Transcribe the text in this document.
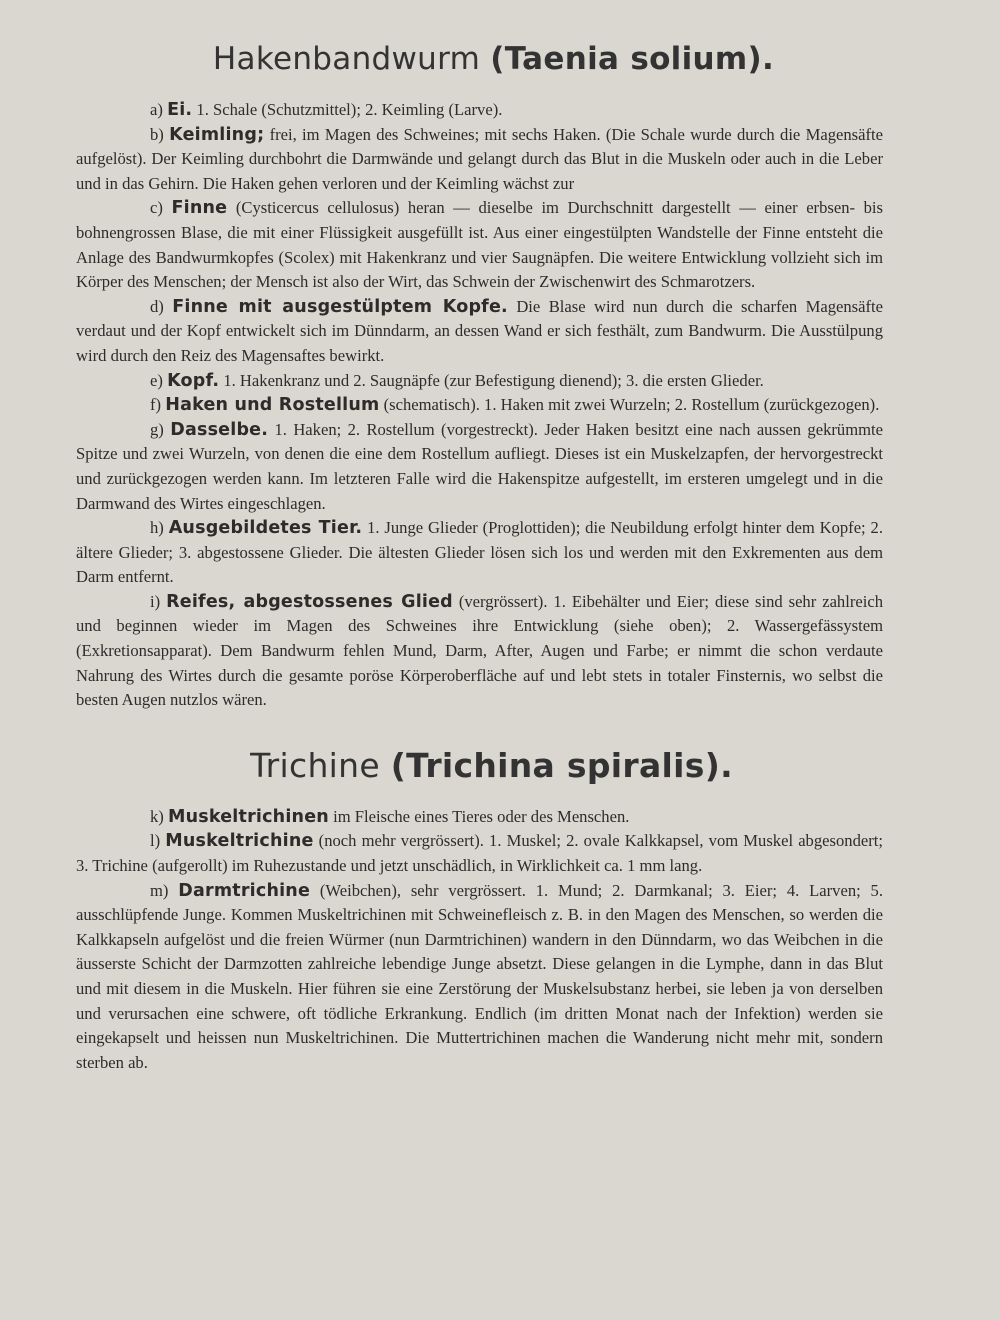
Hakenbandwurm (Taenia solium).

a) Ei. 1. Schale (Schutzmittel); 2. Keimling (Larve).

b) Keimling; frei, im Magen des Schweines; mit sechs Haken. (Die Schale wurde durch die Magensäfte aufgelöst). Der Keimling durchbohrt die Darmwände und gelangt durch das Blut in die Muskeln oder auch in die Leber und in das Gehirn. Die Haken gehen verloren und der Keimling wächst zur

c) Finne (Cysticercus cellulosus) heran — dieselbe im Durchschnitt dargestellt — einer erbsen- bis bohnengrossen Blase, die mit einer Flüssigkeit ausgefüllt ist. Aus einer eingestülpten Wandstelle der Finne entsteht die Anlage des Bandwurmkopfes (Scolex) mit Hakenkranz und vier Saugnäpfen. Die weitere Entwicklung vollzieht sich im Körper des Menschen; der Mensch ist also der Wirt, das Schwein der Zwischenwirt des Schmarotzers.

d) Finne mit ausgestülptem Kopfe. Die Blase wird nun durch die scharfen Magensäfte verdaut und der Kopf entwickelt sich im Dünndarm, an dessen Wand er sich festhält, zum Bandwurm. Die Ausstülpung wird durch den Reiz des Magensaftes bewirkt.

e) Kopf. 1. Hakenkranz und 2. Saugnäpfe (zur Befestigung dienend); 3. die ersten Glieder.

f) Haken und Rostellum (schematisch). 1. Haken mit zwei Wurzeln; 2. Rostellum (zurückgezogen).

g) Dasselbe. 1. Haken; 2. Rostellum (vorgestreckt). Jeder Haken besitzt eine nach aussen gekrümmte Spitze und zwei Wurzeln, von denen die eine dem Rostellum aufliegt. Dieses ist ein Muskelzapfen, der hervorgestreckt und zurückgezogen werden kann. Im letzteren Falle wird die Hakenspitze aufgestellt, im ersteren umgelegt und in die Darmwand des Wirtes eingeschlagen.

h) Ausgebildetes Tier. 1. Junge Glieder (Proglottiden); die Neubildung erfolgt hinter dem Kopfe; 2. ältere Glieder; 3. abgestossene Glieder. Die ältesten Glieder lösen sich los und werden mit den Exkrementen aus dem Darm entfernt.

i) Reifes, abgestossenes Glied (vergrössert). 1. Eibehälter und Eier; diese sind sehr zahlreich und beginnen wieder im Magen des Schweines ihre Entwicklung (siehe oben); 2. Wassergefässystem (Exkretionsapparat). Dem Bandwurm fehlen Mund, Darm, After, Augen und Farbe; er nimmt die schon verdaute Nahrung des Wirtes durch die gesamte poröse Körperoberfläche auf und lebt stets in totaler Finsternis, wo selbst die besten Augen nutzlos wären.

Trichine (Trichina spiralis).

k) Muskeltrichinen im Fleische eines Tieres oder des Menschen.

l) Muskeltrichine (noch mehr vergrössert). 1. Muskel; 2. ovale Kalkkapsel, vom Muskel abgesondert; 3. Trichine (aufgerollt) im Ruhezustande und jetzt unschädlich, in Wirklichkeit ca. 1 mm lang.

m) Darmtrichine (Weibchen), sehr vergrössert. 1. Mund; 2. Darmkanal; 3. Eier; 4. Larven; 5. ausschlüpfende Junge. Kommen Muskeltrichinen mit Schweinefleisch z. B. in den Magen des Menschen, so werden die Kalkkapseln aufgelöst und die freien Würmer (nun Darmtrichinen) wandern in den Dünndarm, wo das Weibchen in die äusserste Schicht der Darmzotten zahlreiche lebendige Junge absetzt. Diese gelangen in die Lymphe, dann in das Blut und mit diesem in die Muskeln. Hier führen sie eine Zerstörung der Muskelsubstanz herbei, sie leben ja von derselben und verursachen eine schwere, oft tödliche Erkrankung. Endlich (im dritten Monat nach der Infektion) werden sie eingekapselt und heissen nun Muskeltrichinen. Die Muttertrichinen machen die Wanderung nicht mehr mit, sondern sterben ab.
